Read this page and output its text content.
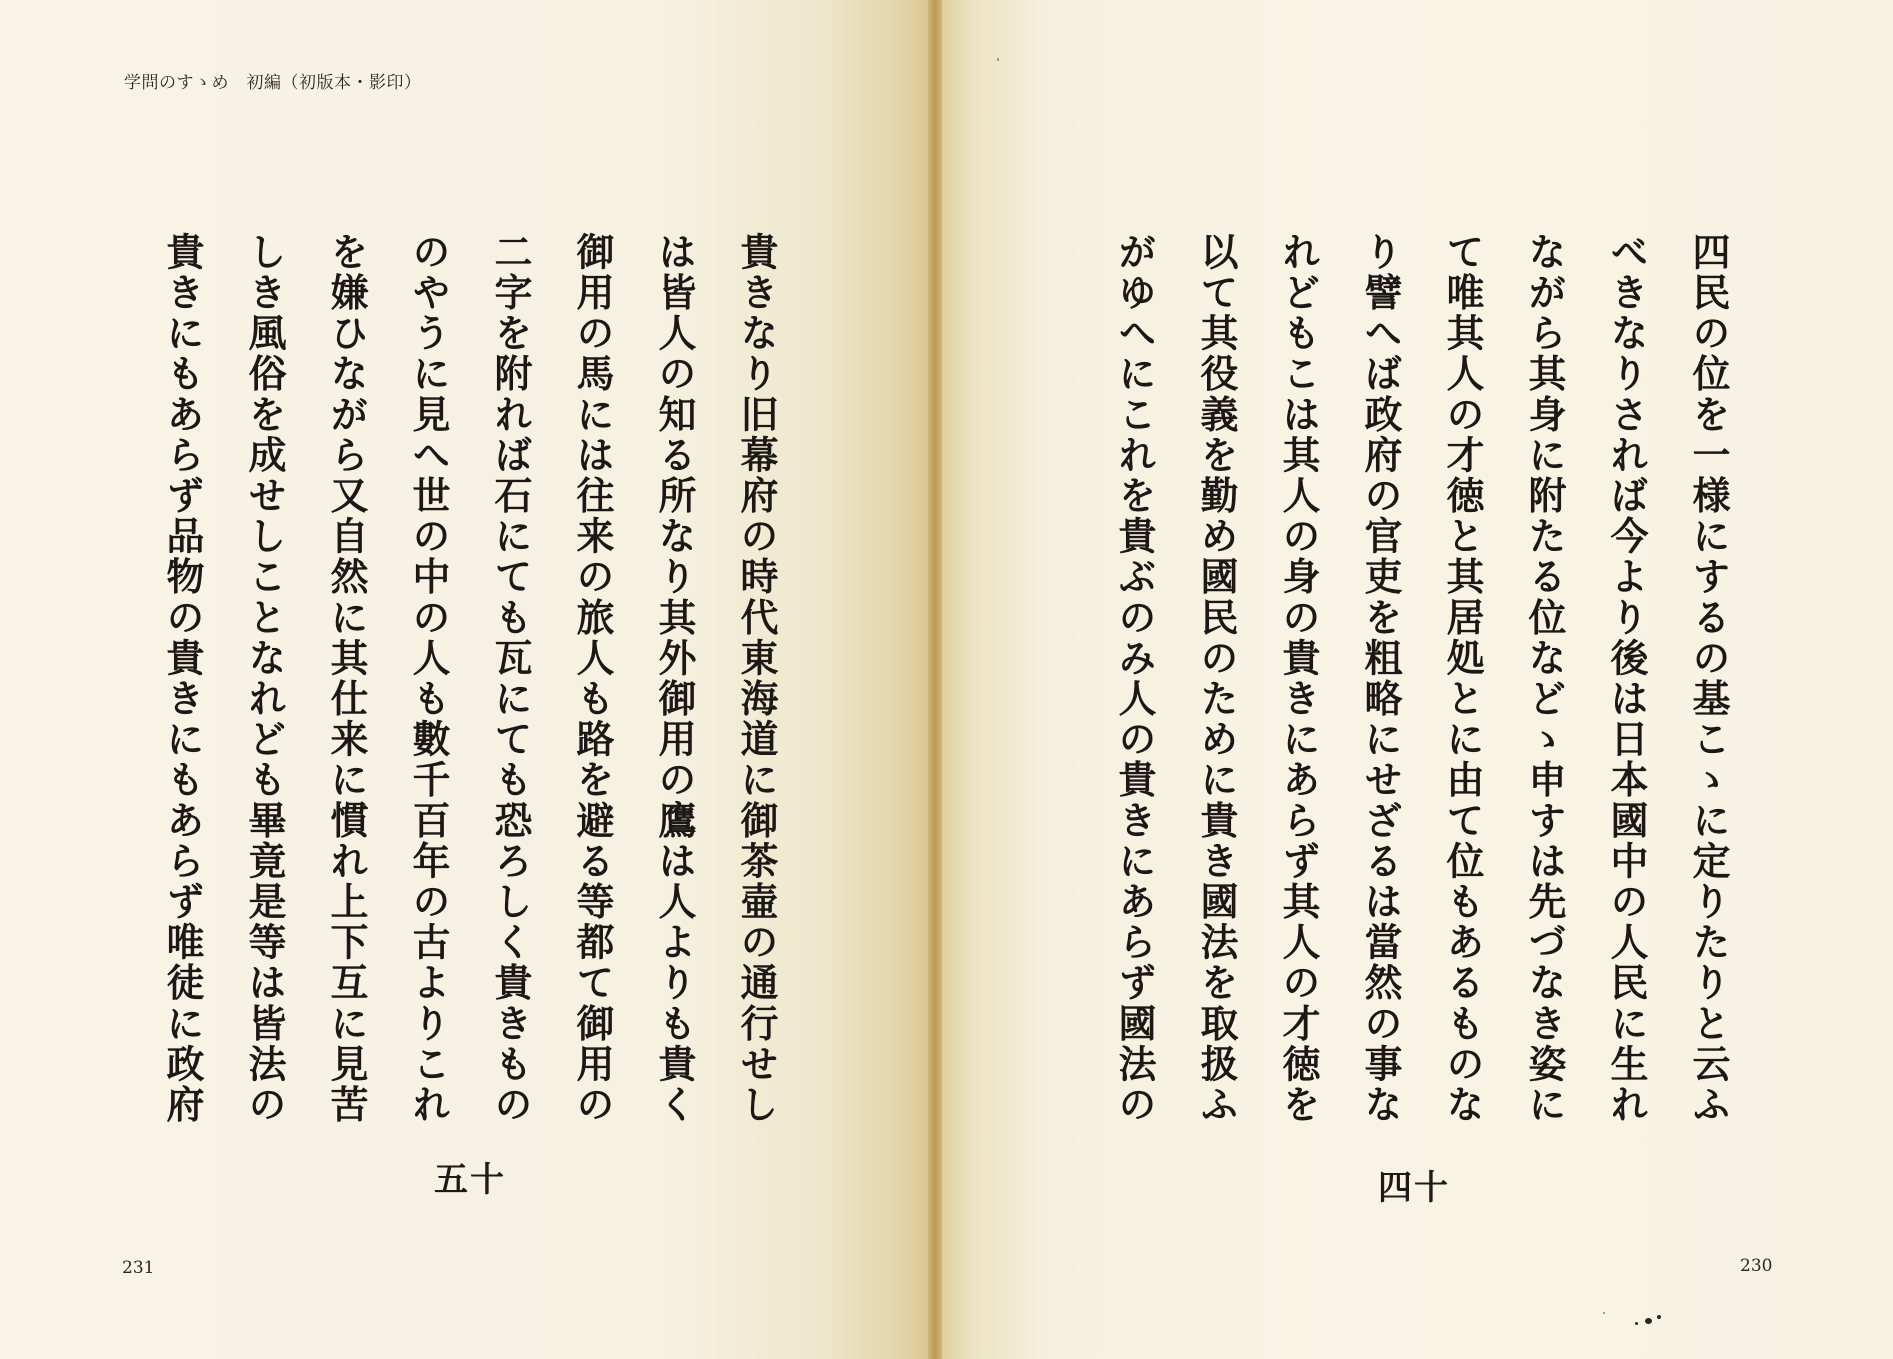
学問のすゝめ　初編（初版本・影印）
貴きなり旧幕府の時代東海道に御茶壷の通行せし
は皆人の知る所なり其外御用の鷹は人よりも貴く
御用の馬には往来の旅人も路を避る等都て御用の
二字を附れば石にても瓦にても恐ろしく貴きもの
のやうに見へ世の中の人も數千百年の古よりこれ
を嫌ひながら又自然に其仕来に慣れ上下互に見苦
しき風俗を成せしことなれども畢竟是等は皆法の
貴きにもあらず品物の貴きにもあらず唯徒に政府
五十
231
四民の位を一様にするの基こゝに定りたりと云ふ
べきなりされば今より後は日本國中の人民に生れ
ながら其身に附たる位などゝ申すは先づなき姿に
て唯其人の才徳と其居処とに由て位もあるものな
り譬へば政府の官吏を粗略にせざるは當然の事な
れどもこは其人の身の貴きにあらず其人の才徳を
以て其役義を勤め國民のために貴き國法を取扱ふ
がゆへにこれを貴ぶのみ人の貴きにあらず國法の
四十
230
